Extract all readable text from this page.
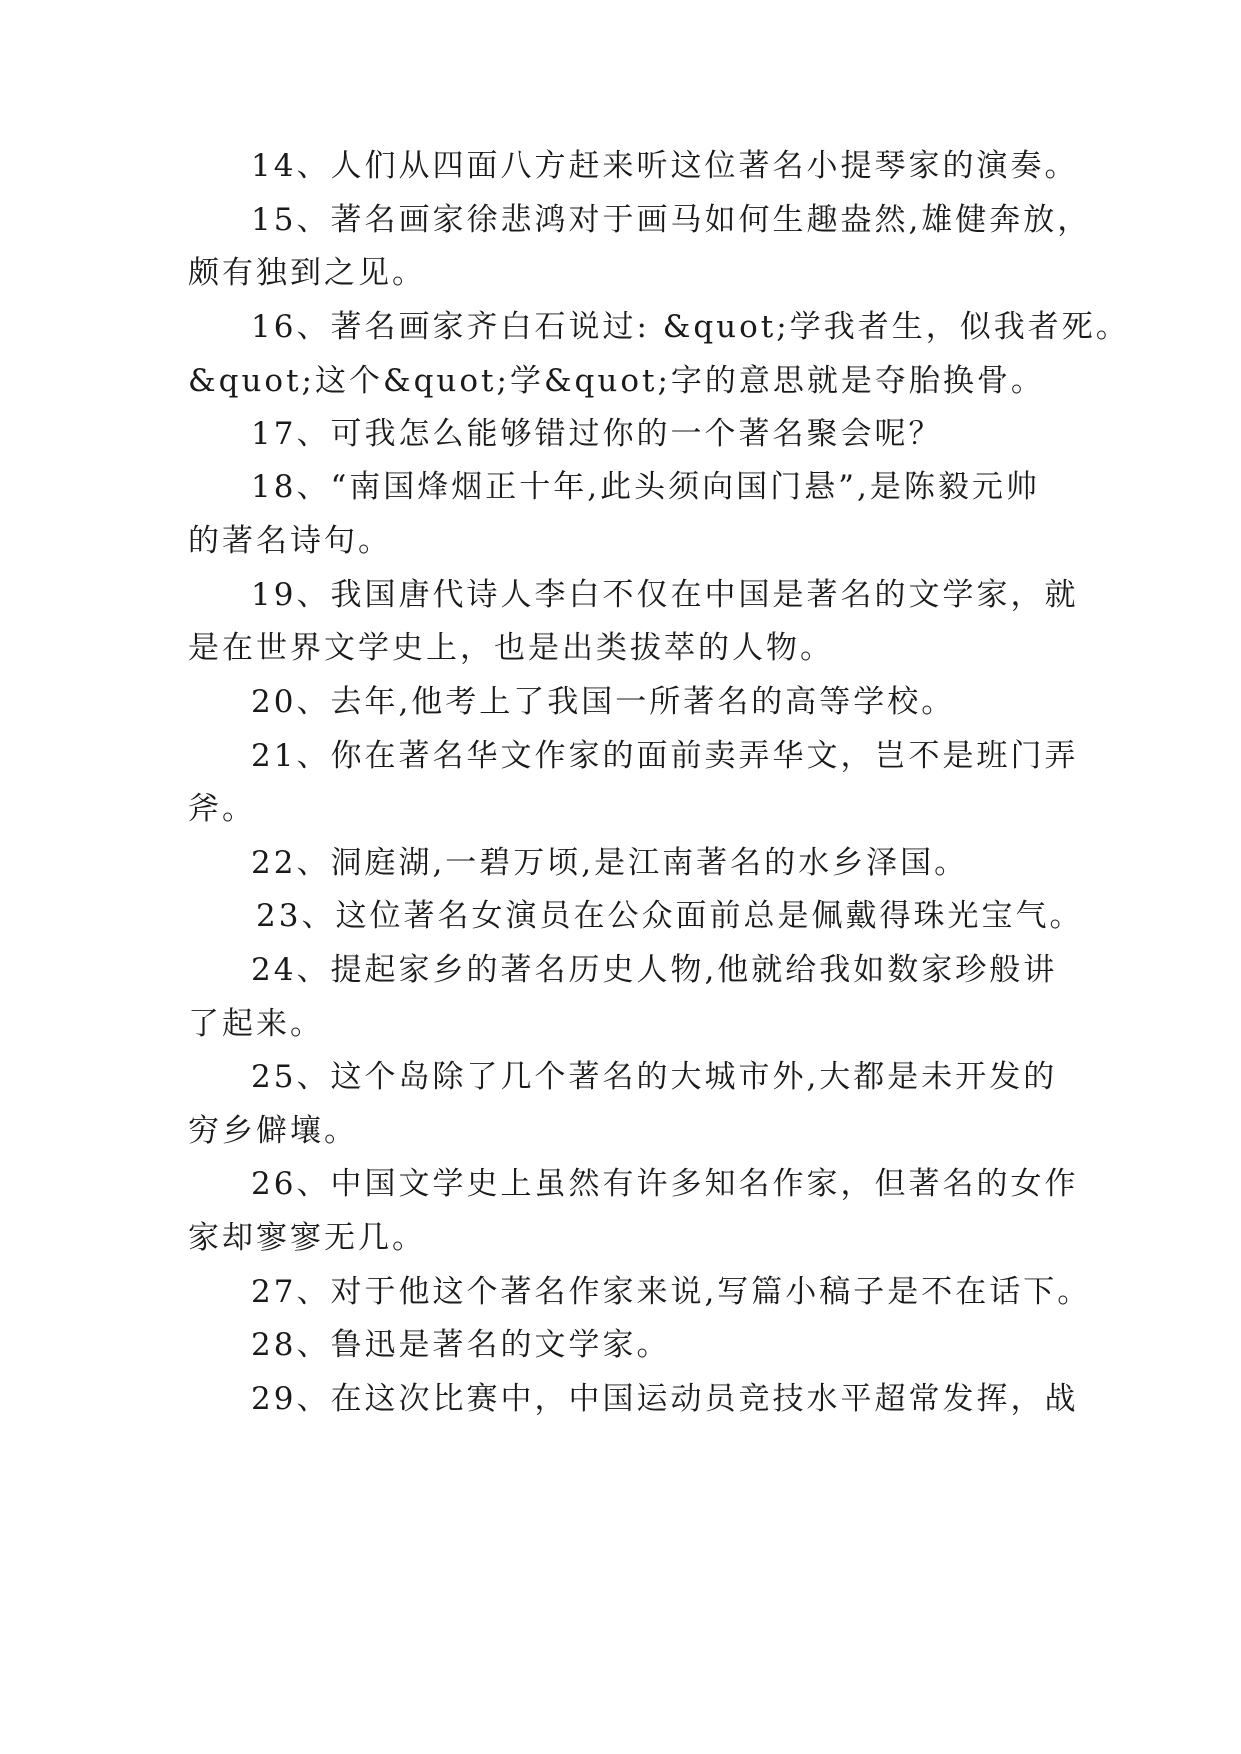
14、人们从四面八方赶来听这位著名小提琴家的演奏。
15、著名画家徐悲鸿对于画马如何生趣盎然,雄健奔放，
颇有独到之见。
16、著名画家齐白石说过: &quot;学我者生，似我者死。
&quot;这个&quot;学&quot;字的意思就是夺胎换骨。
17、可我怎么能够错过你的一个著名聚会呢？
18、“南国烽烟正十年,此头须向国门悬”,是陈毅元帅
的著名诗句。
19、我国唐代诗人李白不仅在中国是著名的文学家，就
是在世界文学史上，也是出类拔萃的人物。
20、去年,他考上了我国一所著名的高等学校。
21、你在著名华文作家的面前卖弄华文，岂不是班门弄
斧。
22、洞庭湖,一碧万顷,是江南著名的水乡泽国。
23、这位著名女演员在公众面前总是佩戴得珠光宝气。
24、提起家乡的著名历史人物,他就给我如数家珍般讲
了起来。
25、这个岛除了几个著名的大城市外,大都是未开发的
穷乡僻壤。
26、中国文学史上虽然有许多知名作家，但著名的女作
家却寥寥无几。
27、对于他这个著名作家来说,写篇小稿子是不在话下。
28、鲁迅是著名的文学家。
29、在这次比赛中，中国运动员竞技水平超常发挥，战
